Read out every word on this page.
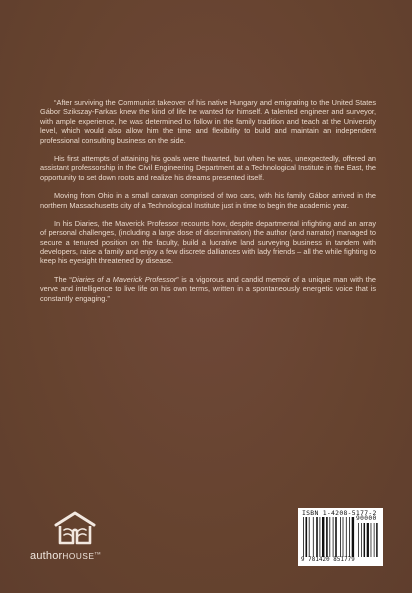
“After surviving the Communist takeover of his native Hungary and emigrating to the United States Gábor Szikszay-Farkas knew the kind of life he wanted for himself. A talented engineer and surveyor, with ample experience, he was determined to follow in the family tradition and teach at the University level, which would also allow him the time and flexibility to build and maintain an independent professional consulting business on the side.

His first attempts of attaining his goals were thwarted, but when he was, unexpectedly, offered an assistant professorship in the Civil Engineering Department at a Technological Institute in the East, the opportunity to set down roots and realize his dreams presented itself.

Moving from Ohio in a small caravan comprised of two cars, with his family Gábor arrived in the northern Massachusetts city of a Technological Institute just in time to begin the academic year.

In his Diaries, the Maverick Professor recounts how, despite departmental infighting and an array of personal challenges, (including a large dose of discrimination) the author (and narrator) managed to secure a tenured position on the faculty, build a lucrative land surveying business in tandem with developers, raise a family and enjoy a few discrete dalliances with lady friends – all the while fighting to keep his eyesight threatened by disease.

The “Diaries of a Maverick Professor” is a vigorous and candid memoir of a unique man with the verve and intelligence to live life on his own terms, written in a spontaneously energetic voice that is constantly engaging.”

authorHOUSE™
ISBN 1-4208-5177-2
90000
9 781420 851779
